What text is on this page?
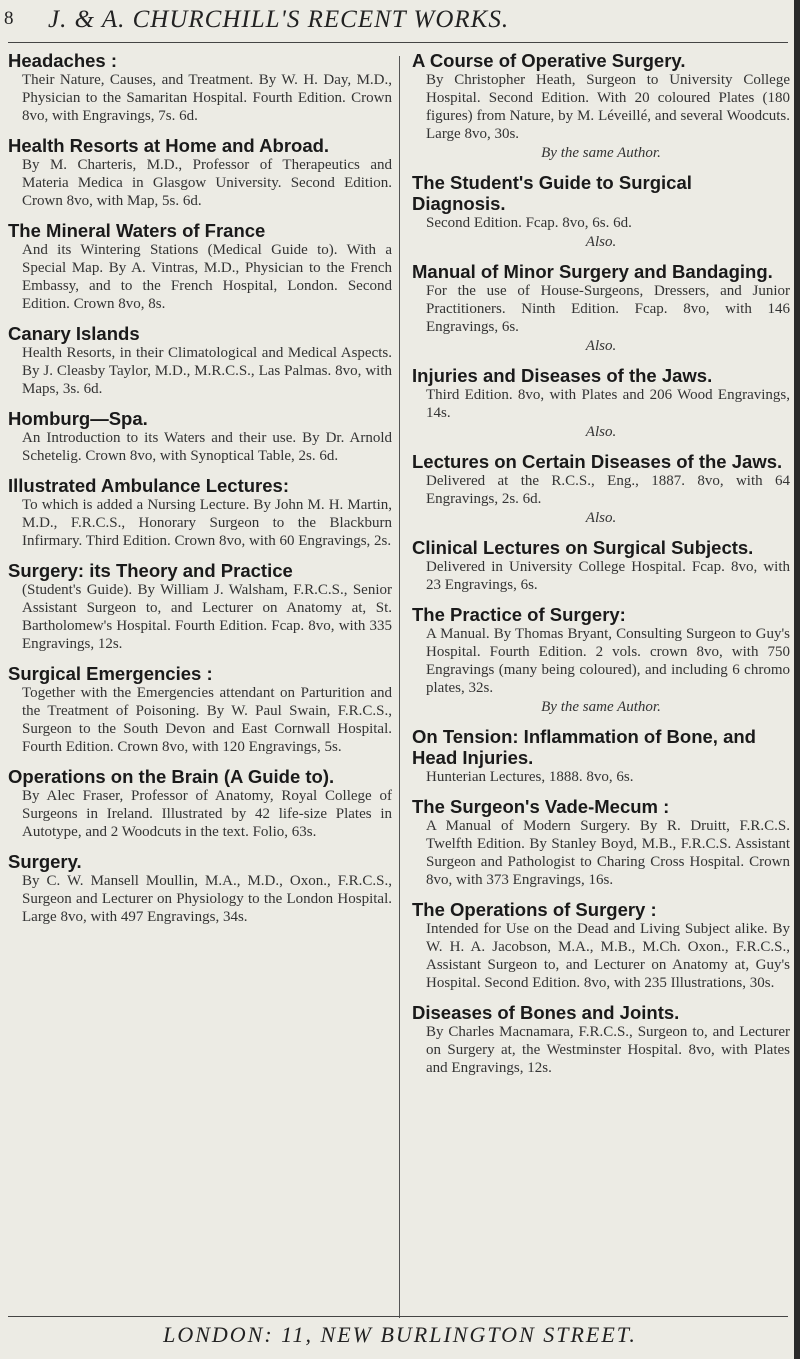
8 J. & A. CHURCHILL'S RECENT WORKS.
Headaches :
Their Nature, Causes, and Treatment. By W. H. Day, M.D., Physician to the Samaritan Hospital. Fourth Edition. Crown 8vo, with Engravings, 7s. 6d.
Health Resorts at Home and Abroad.
By M. Charteris, M.D., Professor of Therapeutics and Materia Medica in Glasgow University. Second Edition. Crown 8vo, with Map, 5s. 6d.
The Mineral Waters of France
And its Wintering Stations (Medical Guide to). With a Special Map. By A. Vintras, M.D., Physician to the French Embassy, and to the French Hospital, London. Second Edition. Crown 8vo, 8s.
Canary Islands
Health Resorts, in their Climatological and Medical Aspects. By J. Cleasby Taylor, M.D., M.R.C.S., Las Palmas. 8vo, with Maps, 3s. 6d.
Homburg—Spa.
An Introduction to its Waters and their use. By Dr. Arnold Schetelig. Crown 8vo, with Synoptical Table, 2s. 6d.
Illustrated Ambulance Lectures:
To which is added a Nursing Lecture. By John M. H. Martin, M.D., F.R.C.S., Honorary Surgeon to the Blackburn Infirmary. Third Edition. Crown 8vo, with 60 Engravings, 2s.
Surgery: its Theory and Practice
(Student's Guide). By William J. Walsham, F.R.C.S., Senior Assistant Surgeon to, and Lecturer on Anatomy at, St. Bartholomew's Hospital. Fourth Edition. Fcap. 8vo, with 335 Engravings, 12s.
Surgical Emergencies :
Together with the Emergencies attendant on Parturition and the Treatment of Poisoning. By W. Paul Swain, F.R.C.S., Surgeon to the South Devon and East Cornwall Hospital. Fourth Edition. Crown 8vo, with 120 Engravings, 5s.
Operations on the Brain (A Guide to).
By Alec Fraser, Professor of Anatomy, Royal College of Surgeons in Ireland. Illustrated by 42 life-size Plates in Autotype, and 2 Woodcuts in the text. Folio, 63s.
Surgery.
By C. W. Mansell Moullin, M.A., M.D., Oxon., F.R.C.S., Surgeon and Lecturer on Physiology to the London Hospital. Large 8vo, with 497 Engravings, 34s.
A Course of Operative Surgery.
By Christopher Heath, Surgeon to University College Hospital. Second Edition. With 20 coloured Plates (180 figures) from Nature, by M. Léveillé, and several Woodcuts. Large 8vo, 30s.
By the same Author.
The Student's Guide to Surgical Diagnosis.
Second Edition. Fcap. 8vo, 6s. 6d.
Also.
Manual of Minor Surgery and Bandaging.
For the use of House-Surgeons, Dressers, and Junior Practitioners. Ninth Edition. Fcap. 8vo, with 146 Engravings, 6s.
Also.
Injuries and Diseases of the Jaws.
Third Edition. 8vo, with Plates and 206 Wood Engravings, 14s.
Also.
Lectures on Certain Diseases of the Jaws.
Delivered at the R.C.S., Eng., 1887. 8vo, with 64 Engravings, 2s. 6d.
Also.
Clinical Lectures on Surgical Subjects.
Delivered in University College Hospital. Fcap. 8vo, with 23 Engravings, 6s.
The Practice of Surgery:
A Manual. By Thomas Bryant, Consulting Surgeon to Guy's Hospital. Fourth Edition. 2 vols. crown 8vo, with 750 Engravings (many being coloured), and including 6 chromo plates, 32s.
By the same Author.
On Tension: Inflammation of Bone, and Head Injuries.
Hunterian Lectures, 1888. 8vo, 6s.
The Surgeon's Vade-Mecum :
A Manual of Modern Surgery. By R. Druitt, F.R.C.S. Twelfth Edition. By Stanley Boyd, M.B., F.R.C.S. Assistant Surgeon and Pathologist to Charing Cross Hospital. Crown 8vo, with 373 Engravings, 16s.
The Operations of Surgery :
Intended for Use on the Dead and Living Subject alike. By W. H. A. Jacobson, M.A., M.B., M.Ch. Oxon., F.R.C.S., Assistant Surgeon to, and Lecturer on Anatomy at, Guy's Hospital. Second Edition. 8vo, with 235 Illustrations, 30s.
Diseases of Bones and Joints.
By Charles Macnamara, F.R.C.S., Surgeon to, and Lecturer on Surgery at, the Westminster Hospital. 8vo, with Plates and Engravings, 12s.
LONDON: 11, NEW BURLINGTON STREET.
